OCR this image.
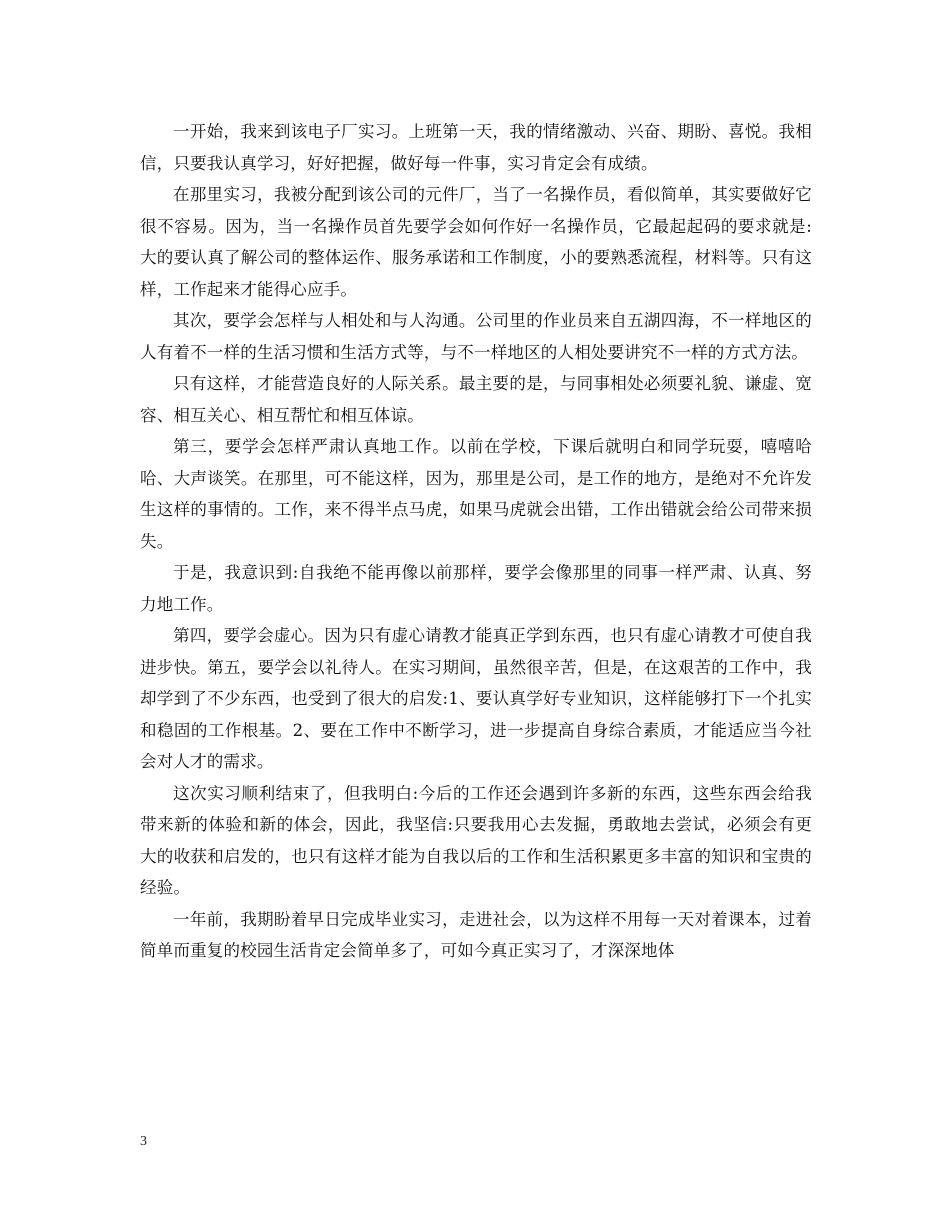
一开始，我来到该电子厂实习。上班第一天，我的情绪激动、兴奋、期盼、喜悦。我相信，只要我认真学习，好好把握，做好每一件事，实习肯定会有成绩。

在那里实习，我被分配到该公司的元件厂，当了一名操作员，看似简单，其实要做好它很不容易。因为，当一名操作员首先要学会如何作好一名操作员，它最起起码的要求就是:大的要认真了解公司的整体运作、服务承诺和工作制度，小的要熟悉流程，材料等。只有这样，工作起来才能得心应手。

其次，要学会怎样与人相处和与人沟通。公司里的作业员来自五湖四海，不一样地区的人有着不一样的生活习惯和生活方式等，与不一样地区的人相处要讲究不一样的方式方法。

只有这样，才能营造良好的人际关系。最主要的是，与同事相处必须要礼貌、谦虚、宽容、相互关心、相互帮忙和相互体谅。

第三，要学会怎样严肃认真地工作。以前在学校，下课后就明白和同学玩耍，嘻嘻哈哈、大声谈笑。在那里，可不能这样，因为，那里是公司，是工作的地方，是绝对不允许发生这样的事情的。工作，来不得半点马虎，如果马虎就会出错，工作出错就会给公司带来损失。

于是，我意识到:自我绝不能再像以前那样，要学会像那里的同事一样严肃、认真、努力地工作。

第四，要学会虚心。因为只有虚心请教才能真正学到东西，也只有虚心请教才可使自我进步快。第五，要学会以礼待人。在实习期间，虽然很辛苦，但是，在这艰苦的工作中，我却学到了不少东西，也受到了很大的启发:1、要认真学好专业知识，这样能够打下一个扎实和稳固的工作根基。2、要在工作中不断学习，进一步提高自身综合素质，才能适应当今社会对人才的需求。

这次实习顺利结束了，但我明白:今后的工作还会遇到许多新的东西，这些东西会给我带来新的体验和新的体会，因此，我坚信:只要我用心去发掘，勇敢地去尝试，必须会有更大的收获和启发的，也只有这样才能为自我以后的工作和生活积累更多丰富的知识和宝贵的经验。

一年前，我期盼着早日完成毕业实习，走进社会，以为这样不用每一天对着课本，过着简单而重复的校园生活肯定会简单多了，可如今真正实习了，才深深地体

3
